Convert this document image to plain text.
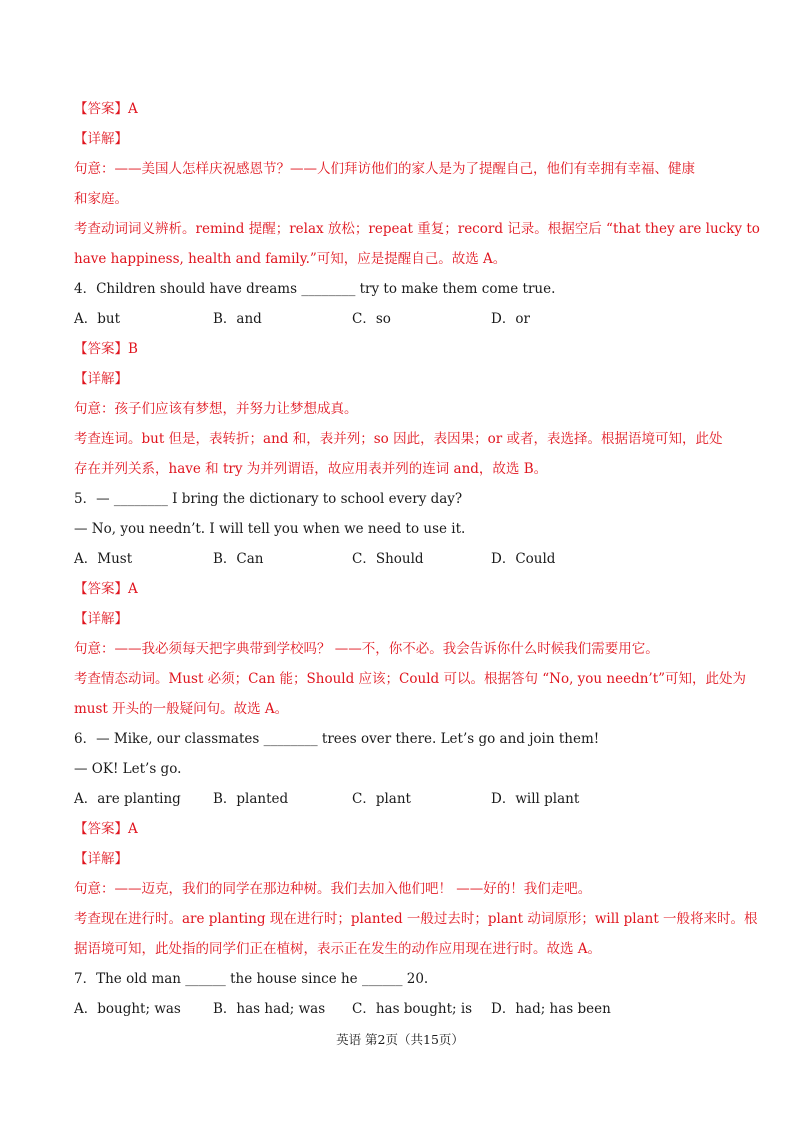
【答案】A
【详解】
句意：——美国人怎样庆祝感恩节？——人们拜访他们的家人是为了提醒自己，他们有幸拥有幸福、健康
和家庭。
考查动词词义辨析。remind 提醒；relax 放松；repeat 重复；record 记录。根据空后 “that they are lucky to
have happiness, health and family.”可知，应是提醒自己。故选 A。
4．Children should have dreams ________ try to make them come true.
A．but	B．and	C．so	D．or
【答案】B
【详解】
句意：孩子们应该有梦想，并努力让梦想成真。
考查连词。but 但是，表转折；and 和，表并列；so 因此，表因果；or 或者，表选择。根据语境可知，此处
存在并列关系，have 和 try 为并列谓语，故应用表并列的连词 and，故选 B。
5．— ________ I bring the dictionary to school every day?
— No, you needn’t. I will tell you when we need to use it.
A．Must	B．Can	C．Should	D．Could
【答案】A
【详解】
句意：——我必须每天把字典带到学校吗？ ——不，你不必。我会告诉你什么时候我们需要用它。
考查情态动词。Must 必须；Can 能；Should 应该；Could 可以。根据答句 “No, you needn’t”可知，此处为
must 开头的一般疑问句。故选 A。
6．— Mike, our classmates ________ trees over there. Let’s go and join them!
— OK! Let’s go.
A．are planting	B．planted	C．plant	D．will plant
【答案】A
【详解】
句意：——迈克，我们的同学在那边种树。我们去加入他们吧！ ——好的！我们走吧。
考查现在进行时。are planting 现在进行时；planted 一般过去时；plant 动词原形；will plant 一般将来时。根
据语境可知，此处指的同学们正在植树，表示正在发生的动作应用现在进行时。故选 A。
7．The old man ______ the house since he ______ 20.
A．bought; was	B．has had; was	C．has bought; is	D．had; has been
英语 第2页（共15页）
